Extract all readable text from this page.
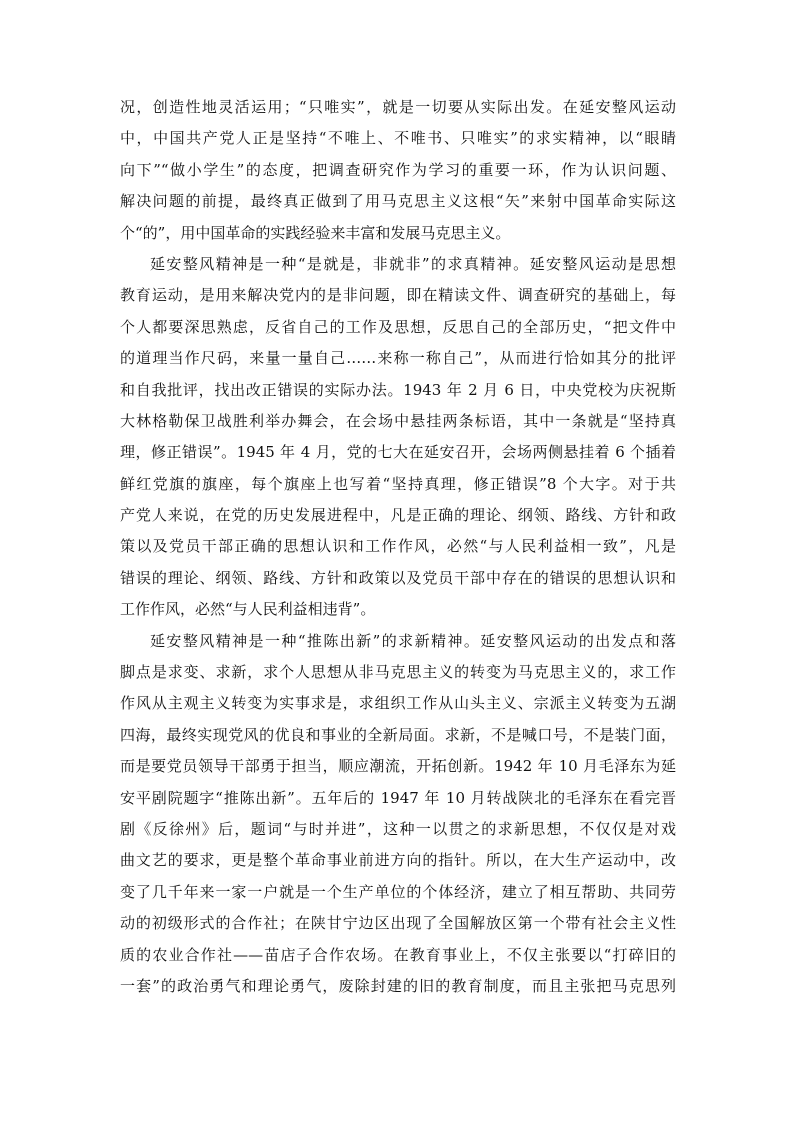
况，创造性地灵活运用；“只唯实”，就是一切要从实际出发。在延安整风运动
中，中国共产党人正是坚持“不唯上、不唯书、只唯实”的求实精神，以“眼睛
向下”“做小学生”的态度，把调查研究作为学习的重要一环，作为认识问题、
解决问题的前提，最终真正做到了用马克思主义这根“矢”来射中国革命实际这
个“的”，用中国革命的实践经验来丰富和发展马克思主义。
延安整风精神是一种“是就是，非就非”的求真精神。延安整风运动是思想
教育运动，是用来解决党内的是非问题，即在精读文件、调查研究的基础上，每
个人都要深思熟虑，反省自己的工作及思想，反思自己的全部历史，“把文件中
的道理当作尺码，来量一量自己……来称一称自己”，从而进行恰如其分的批评
和自我批评，找出改正错误的实际办法。1943 年 2 月 6 日，中央党校为庆祝斯
大林格勒保卫战胜利举办舞会，在会场中悬挂两条标语，其中一条就是“坚持真
理，修正错误”。1945 年 4 月，党的七大在延安召开，会场两侧悬挂着 6 个插着
鲜红党旗的旗座，每个旗座上也写着“坚持真理，修正错误”8 个大字。对于共
产党人来说，在党的历史发展进程中，凡是正确的理论、纲领、路线、方针和政
策以及党员干部正确的思想认识和工作作风，必然“与人民利益相一致”，凡是
错误的理论、纲领、路线、方针和政策以及党员干部中存在的错误的思想认识和
工作作风，必然“与人民利益相违背”。
延安整风精神是一种“推陈出新”的求新精神。延安整风运动的出发点和落
脚点是求变、求新，求个人思想从非马克思主义的转变为马克思主义的，求工作
作风从主观主义转变为实事求是，求组织工作从山头主义、宗派主义转变为五湖
四海，最终实现党风的优良和事业的全新局面。求新，不是喊口号，不是装门面，
而是要党员领导干部勇于担当，顺应潮流，开拓创新。1942 年 10 月毛泽东为延
安平剧院题字“推陈出新”。五年后的 1947 年 10 月转战陕北的毛泽东在看完晋
剧《反徐州》后，题词“与时并进”，这种一以贯之的求新思想，不仅仅是对戏
曲文艺的要求，更是整个革命事业前进方向的指针。所以，在大生产运动中，改
变了几千年来一家一户就是一个生产单位的个体经济，建立了相互帮助、共同劳
动的初级形式的合作社；在陕甘宁边区出现了全国解放区第一个带有社会主义性
质的农业合作社——苗店子合作农场。在教育事业上，不仅主张要以“打碎旧的
一套”的政治勇气和理论勇气，废除封建的旧的教育制度，而且主张把马克思列
